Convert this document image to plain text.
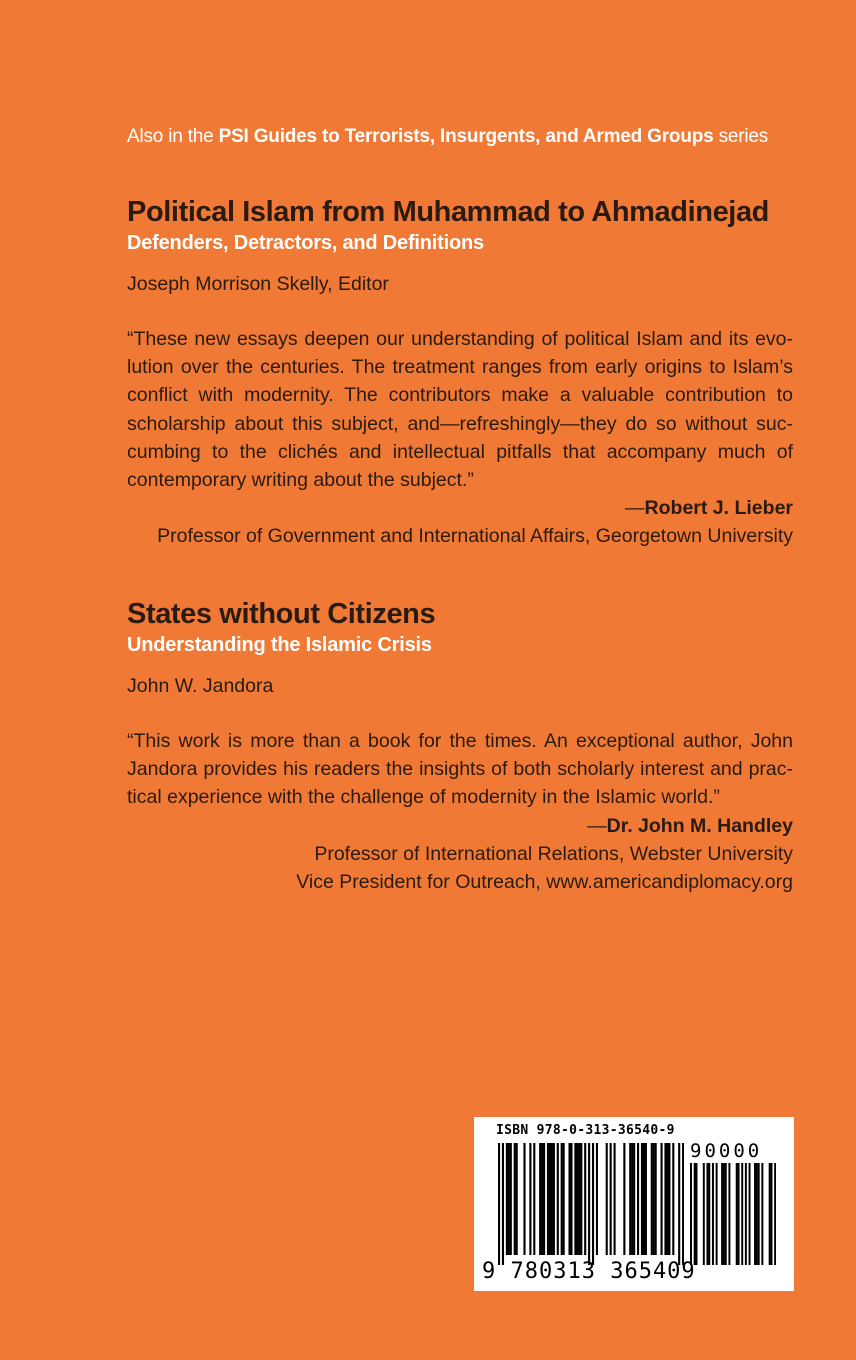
Also in the PSI Guides to Terrorists, Insurgents, and Armed Groups series
Political Islam from Muhammad to Ahmadinejad
Defenders, Detractors, and Definitions
Joseph Morrison Skelly, Editor
“These new essays deepen our understanding of political Islam and its evo-
lution over the centuries. The treatment ranges from early origins to Islam’s
conflict with modernity. The contributors make a valuable contribution to
scholarship about this subject, and—refreshingly—they do so without suc-
cumbing to the clichés and intellectual pitfalls that accompany much of
contemporary writing about the subject.”
—Robert J. Lieber
Professor of Government and International Affairs, Georgetown University
States without Citizens
Understanding the Islamic Crisis
John W. Jandora
“This work is more than a book for the times. An exceptional author, John
Jandora provides his readers the insights of both scholarly interest and prac-
tical experience with the challenge of modernity in the Islamic world.”
—Dr. John M. Handley
Professor of International Relations, Webster University
Vice President for Outreach, www.americandiplomacy.org
ISBN 978-0-313-36540-9
90000
9 780313 365409
